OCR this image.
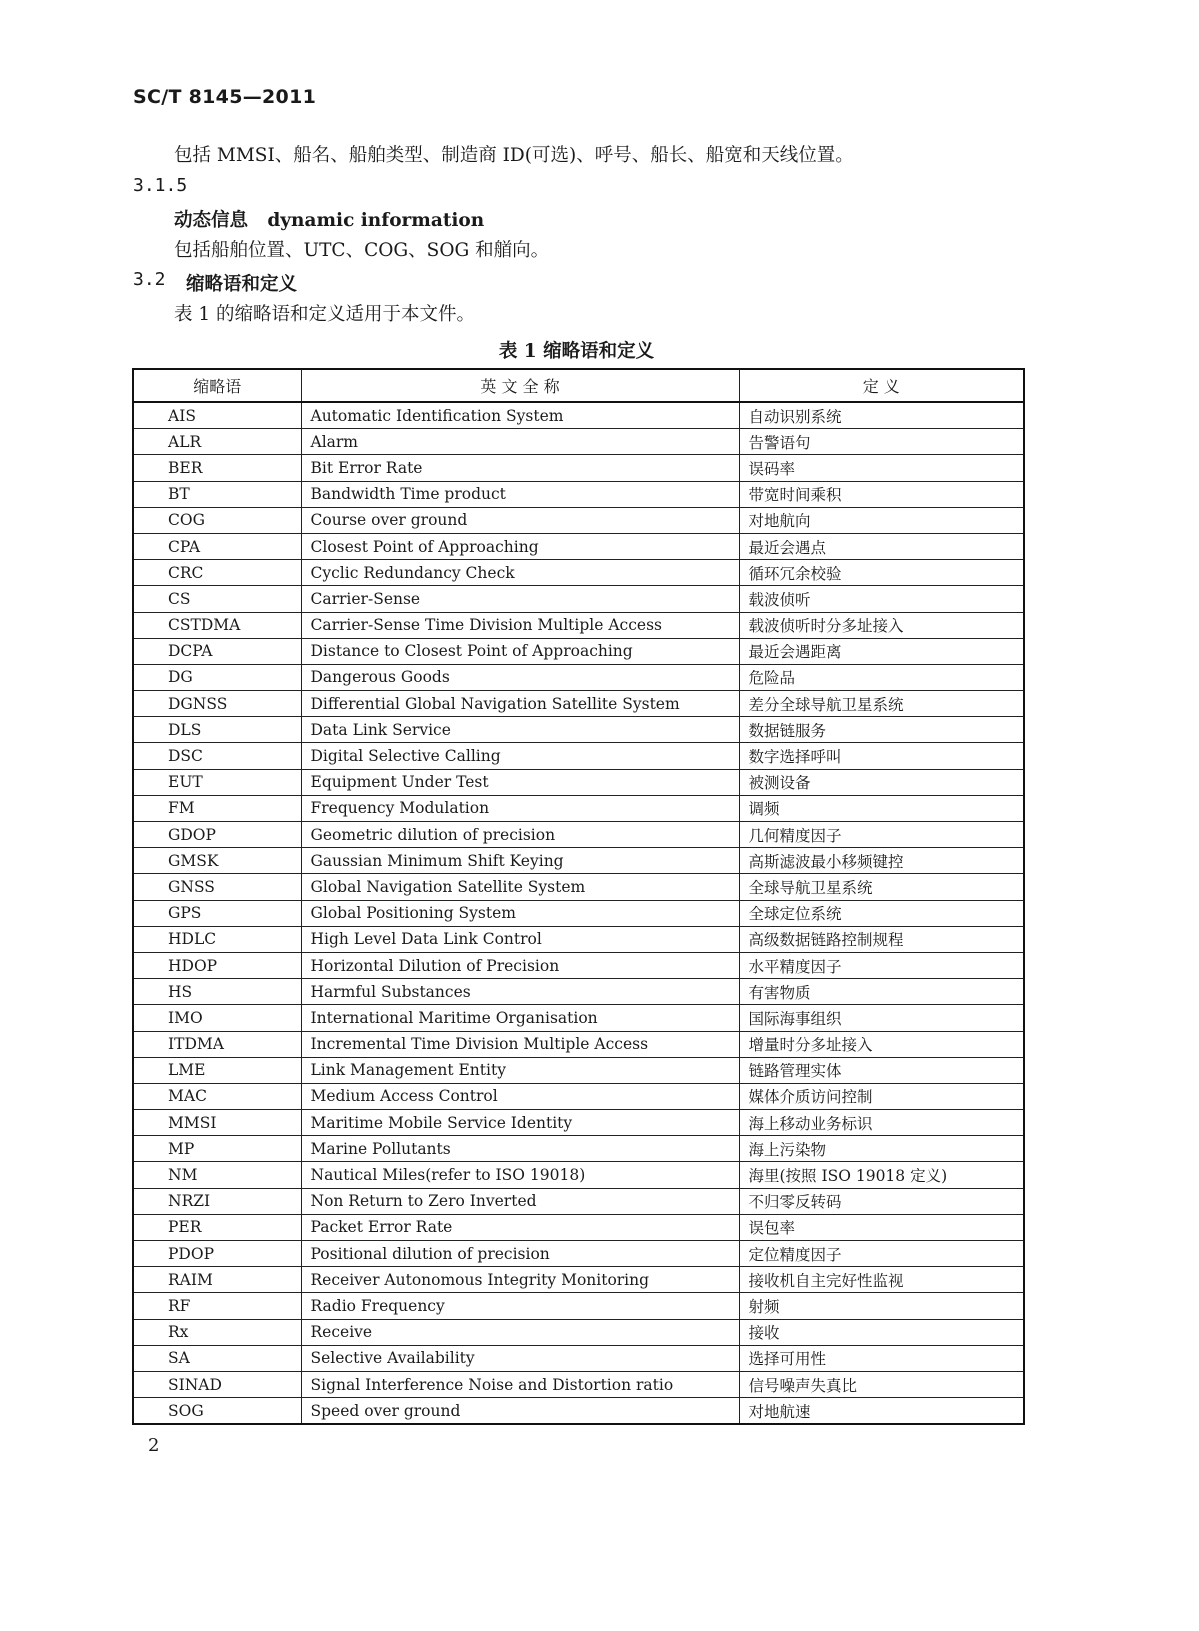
SC/T 8145—2011
包括 MMSI、船名、船舶类型、制造商 ID(可选)、呼号、船长、船宽和天线位置。
3.1.5
动态信息 dynamic information
包括船舶位置、UTC、COG、SOG 和艏向。
3.2 缩略语和定义
表 1 的缩略语和定义适用于本文件。
表 1 缩略语和定义
缩略语	英 文 全 称	定 义
AIS	Automatic Identification System	自动识别系统
ALR	Alarm	告警语句
BER	Bit Error Rate	误码率
BT	Bandwidth Time product	带宽时间乘积
COG	Course over ground	对地航向
CPA	Closest Point of Approaching	最近会遇点
CRC	Cyclic Redundancy Check	循环冗余校验
CS	Carrier-Sense	载波侦听
CSTDMA	Carrier-Sense Time Division Multiple Access	载波侦听时分多址接入
DCPA	Distance to Closest Point of Approaching	最近会遇距离
DG	Dangerous Goods	危险品
DGNSS	Differential Global Navigation Satellite System	差分全球导航卫星系统
DLS	Data Link Service	数据链服务
DSC	Digital Selective Calling	数字选择呼叫
EUT	Equipment Under Test	被测设备
FM	Frequency Modulation	调频
GDOP	Geometric dilution of precision	几何精度因子
GMSK	Gaussian Minimum Shift Keying	高斯滤波最小移频键控
GNSS	Global Navigation Satellite System	全球导航卫星系统
GPS	Global Positioning System	全球定位系统
HDLC	High Level Data Link Control	高级数据链路控制规程
HDOP	Horizontal Dilution of Precision	水平精度因子
HS	Harmful Substances	有害物质
IMO	International Maritime Organisation	国际海事组织
ITDMA	Incremental Time Division Multiple Access	增量时分多址接入
LME	Link Management Entity	链路管理实体
MAC	Medium Access Control	媒体介质访问控制
MMSI	Maritime Mobile Service Identity	海上移动业务标识
MP	Marine Pollutants	海上污染物
NM	Nautical Miles(refer to ISO 19018)	海里(按照 ISO 19018 定义)
NRZI	Non Return to Zero Inverted	不归零反转码
PER	Packet Error Rate	误包率
PDOP	Positional dilution of precision	定位精度因子
RAIM	Receiver Autonomous Integrity Monitoring	接收机自主完好性监视
RF	Radio Frequency	射频
Rx	Receive	接收
SA	Selective Availability	选择可用性
SINAD	Signal Interference Noise and Distortion ratio	信号噪声失真比
SOG	Speed over ground	对地航速
2
